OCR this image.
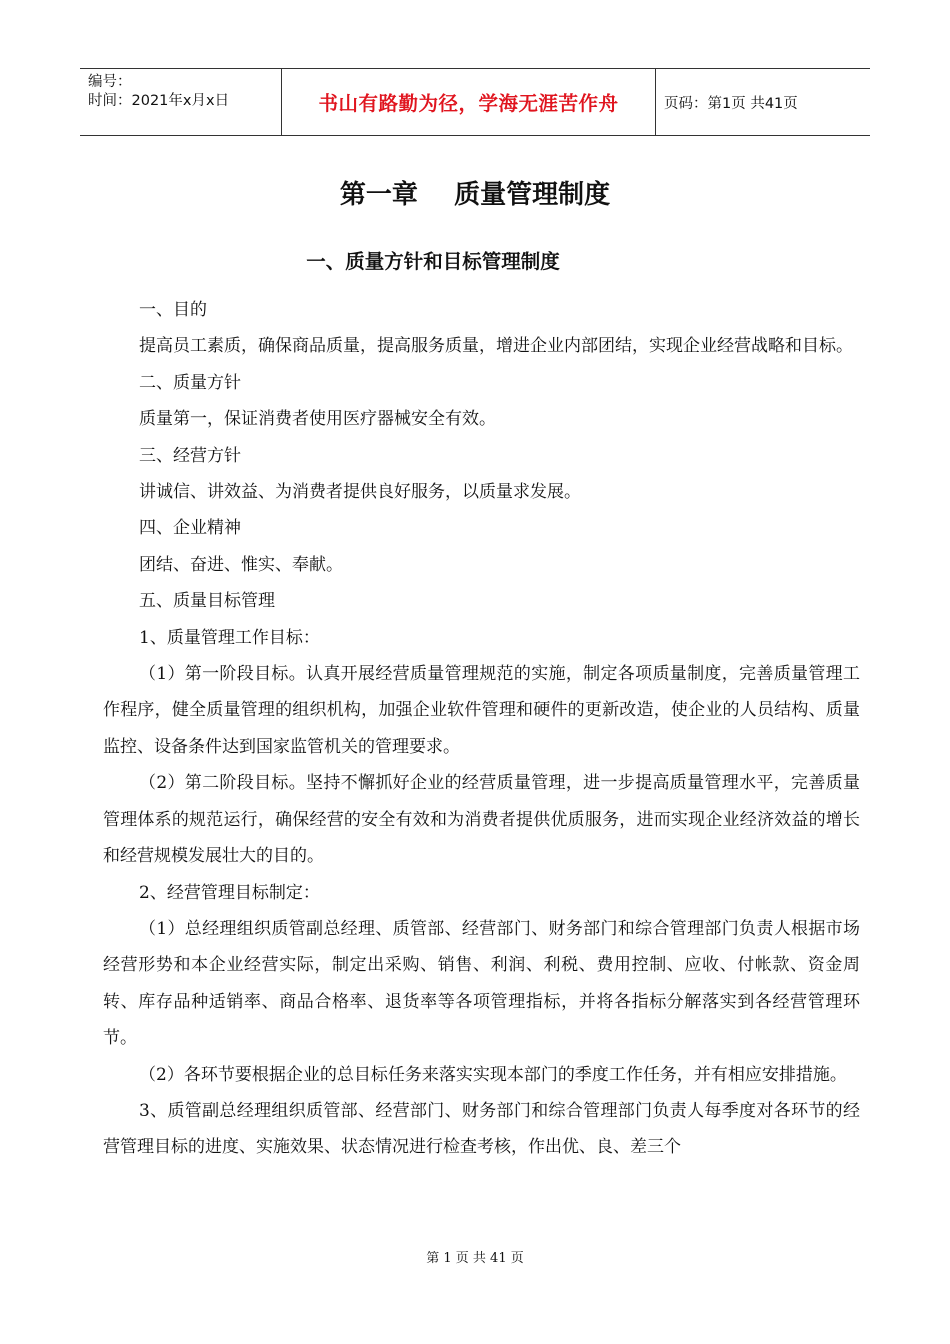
编号：
时间：2021年x月x日	书山有路勤为径，学海无涯苦作舟	页码：第1页 共41页
第一章    质量管理制度
一、质量方针和目标管理制度

一、目的

提高员工素质，确保商品质量，提高服务质量，增进企业内部团结，实现企业经营战略和目标。

二、质量方针

质量第一，保证消费者使用医疗器械安全有效。

三、经营方针

讲诚信、讲效益、为消费者提供良好服务，以质量求发展。

四、企业精神

团结、奋进、惟实、奉献。

五、质量目标管理

1、质量管理工作目标：

（1）第一阶段目标。认真开展经营质量管理规范的实施，制定各项质量制度，完善质量管理工作程序，健全质量管理的组织机构，加强企业软件管理和硬件的更新改造，使企业的人员结构、质量监控、设备条件达到国家监管机关的管理要求。

（2）第二阶段目标。坚持不懈抓好企业的经营质量管理，进一步提高质量管理水平，完善质量管理体系的规范运行，确保经营的安全有效和为消费者提供优质服务，进而实现企业经济效益的增长和经营规模发展壮大的目的。

2、经营管理目标制定：

（1）总经理组织质管副总经理、质管部、经营部门、财务部门和综合管理部门负责人根据市场经营形势和本企业经营实际，制定出采购、销售、利润、利税、费用控制、应收、付帐款、资金周转、库存品种适销率、商品合格率、退货率等各项管理指标，并将各指标分解落实到各经营管理环节。

（2）各环节要根据企业的总目标任务来落实实现本部门的季度工作任务，并有相应安排措施。

3、质管副总经理组织质管部、经营部门、财务部门和综合管理部门负责人每季度对各环节的经营管理目标的进度、实施效果、状态情况进行检查考核，作出优、良、差三个

第 1 页 共 41 页
